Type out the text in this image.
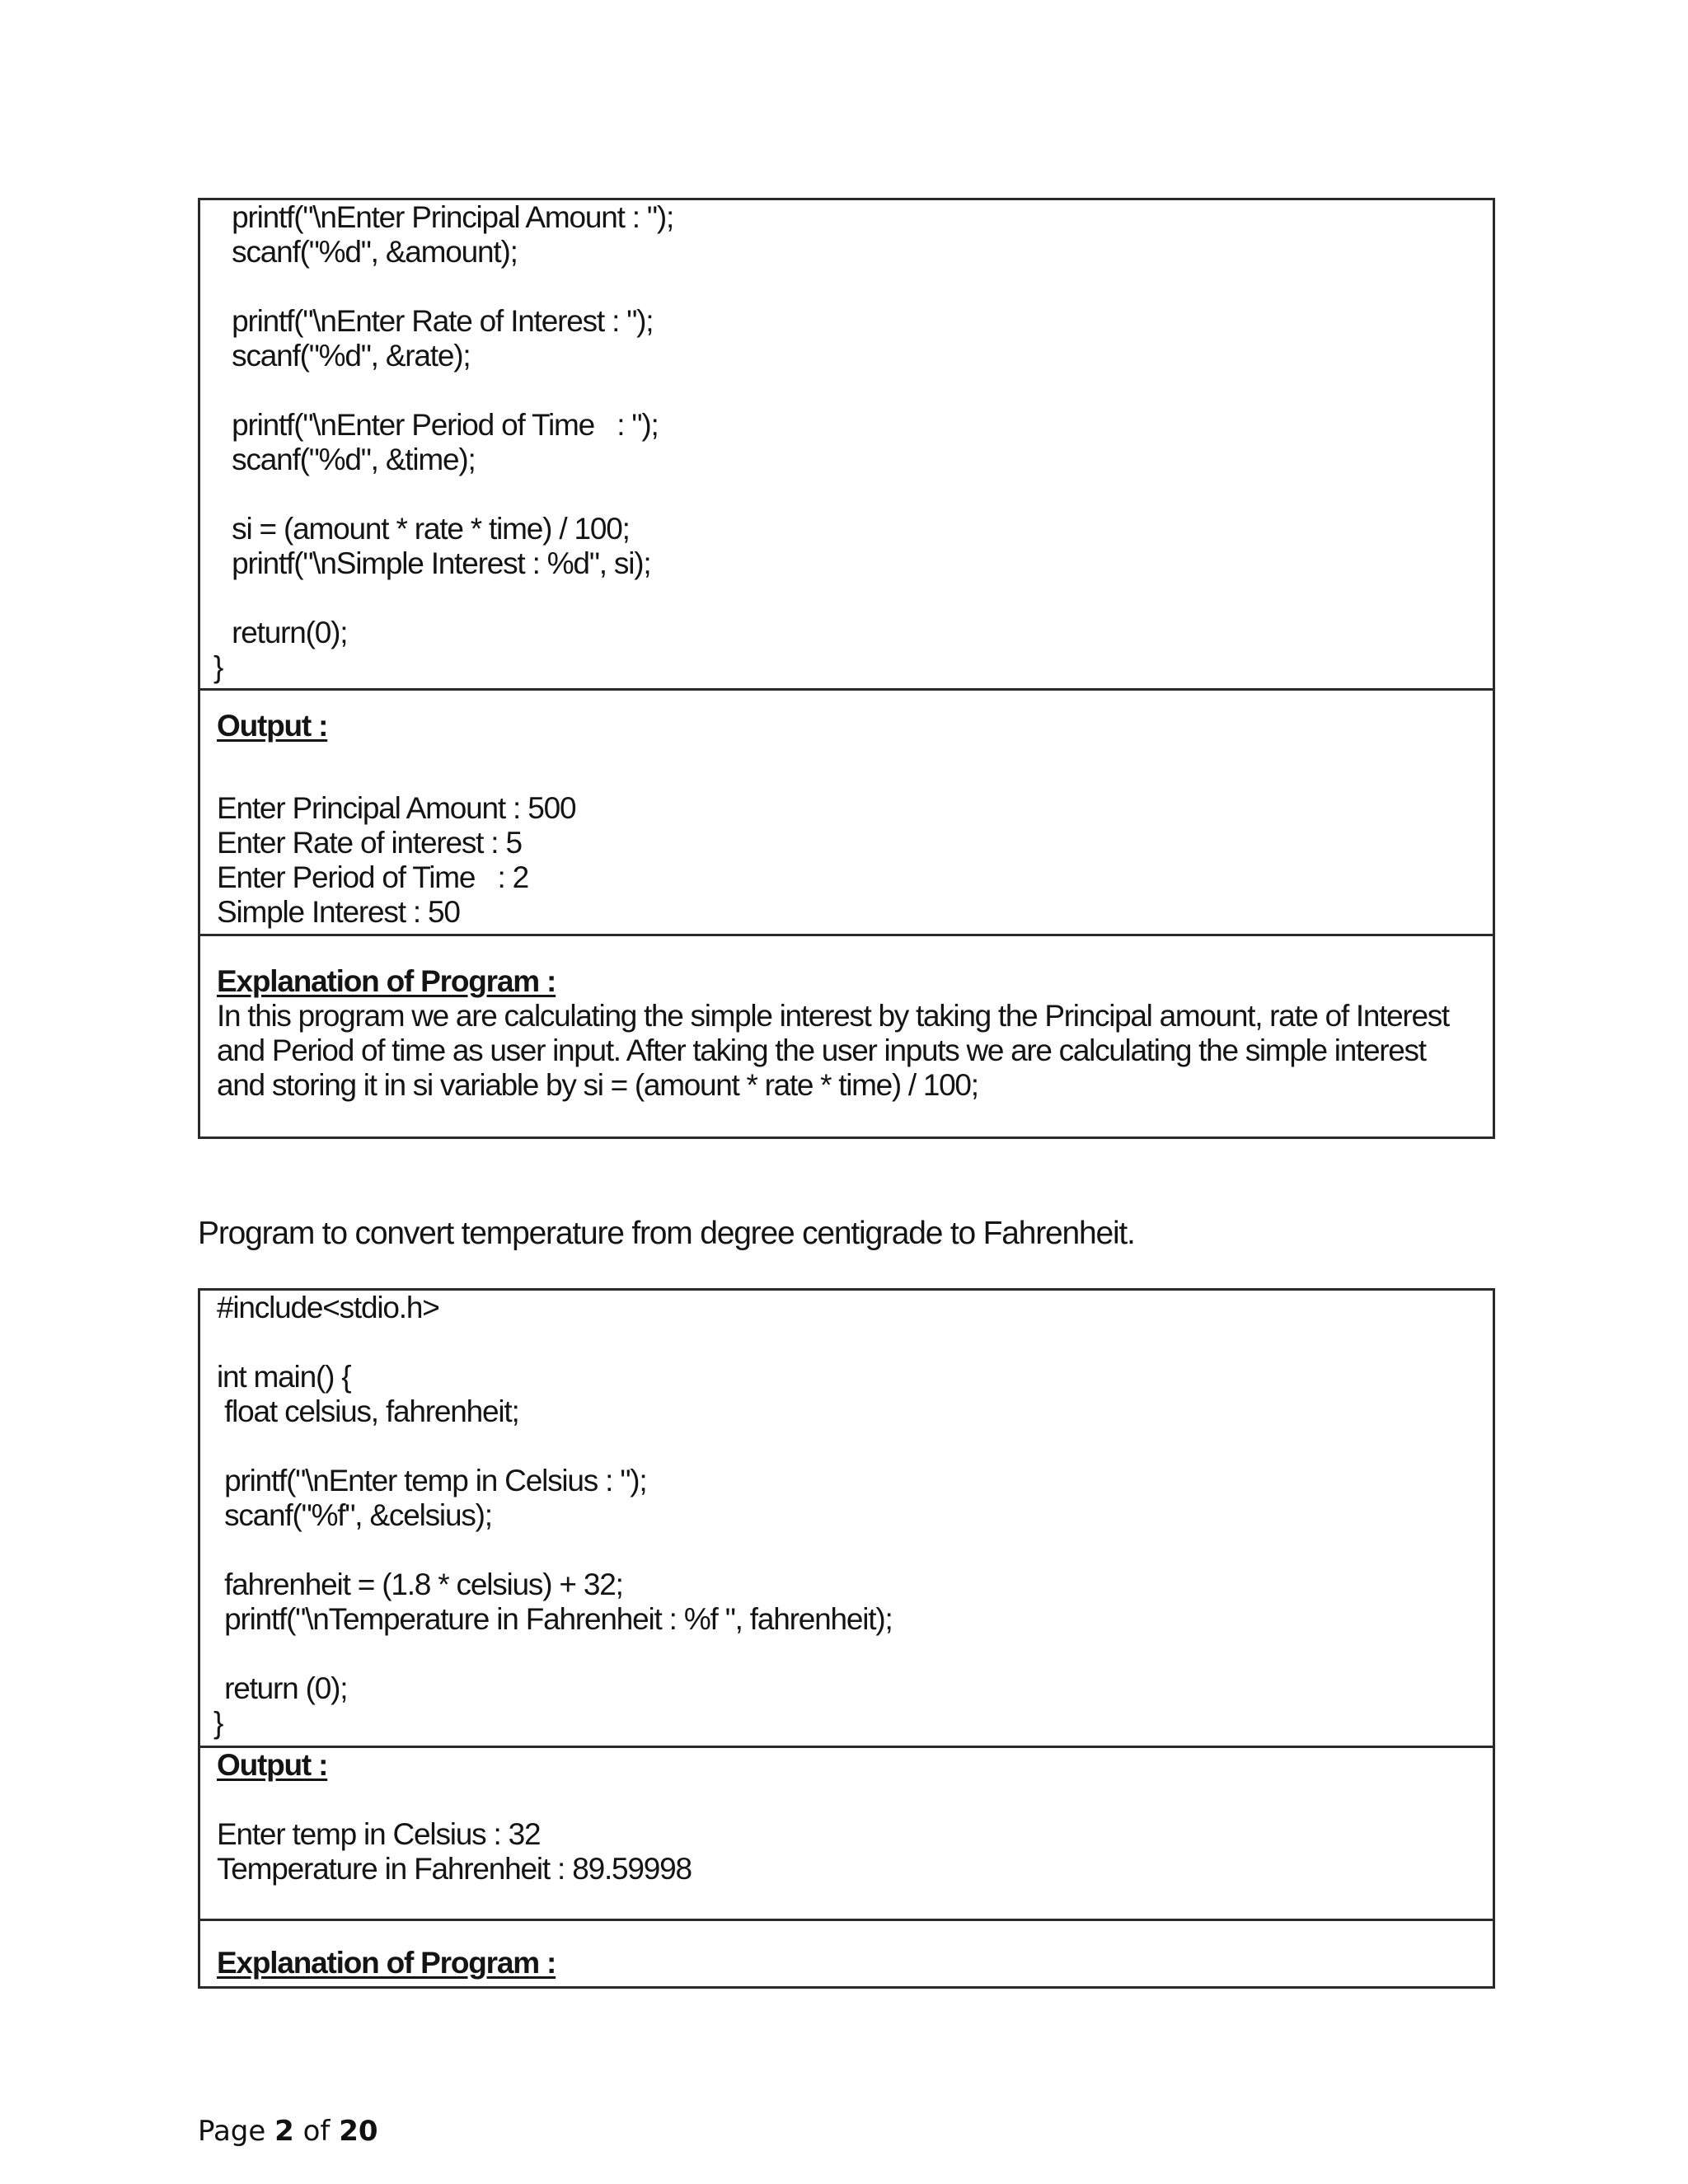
printf("\nEnter Principal Amount : ");
scanf("%d", &amount);
printf("\nEnter Rate of Interest : ");
scanf("%d", &rate);
printf("\nEnter Period of Time   : ");
scanf("%d", &time);
si = (amount * rate * time) / 100;
printf("\nSimple Interest : %d", si);
return(0);
}
Output :
Enter Principal Amount : 500
Enter Rate of interest : 5
Enter Period of Time   : 2
Simple Interest : 50
Explanation of Program :
In this program we are calculating the simple interest by taking the Principal amount, rate of Interest and Period of time as user input. After taking the user inputs we are calculating the simple interest and storing it in si variable by si = (amount * rate * time) / 100;
Program to convert temperature from degree centigrade to Fahrenheit.
#include<stdio.h>
int main() {
float celsius, fahrenheit;
printf("\nEnter temp in Celsius : ");
scanf("%f", &celsius);
fahrenheit = (1.8 * celsius) + 32;
printf("\nTemperature in Fahrenheit : %f ", fahrenheit);
return (0);
}
Output :
Enter temp in Celsius : 32
Temperature in Fahrenheit : 89.59998
Explanation of Program :
Page 2 of 20
